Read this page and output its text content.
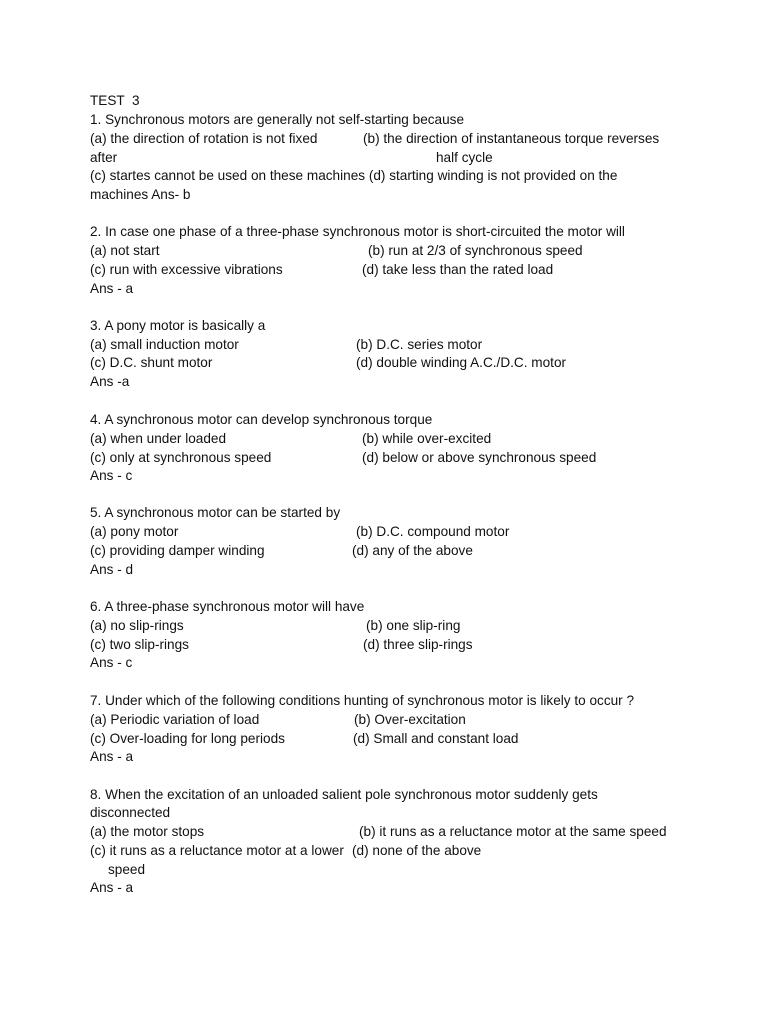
TEST  3
1. Synchronous motors are generally not self-starting because
(a) the direction of rotation is not fixed	(b) the direction of instantaneous torque reverses
after	half cycle
(c) startes cannot be used on these machines (d) starting winding is not provided on the
machines Ans- b
2. In case one phase of a three-phase synchronous motor is short-circuited the motor will
(a) not start	(b) run at 2/3 of synchronous speed
(c) run with excessive vibrations	(d) take less than the rated load
Ans - a
3. A pony motor is basically a
(a) small induction motor	(b) D.C. series motor
(c) D.C. shunt motor	(d) double winding A.C./D.C. motor
Ans -a
4. A synchronous motor can develop synchronous torque
(a) when under loaded	(b) while over-excited
(c) only at synchronous speed	(d) below or above synchronous speed
Ans - c
5. A synchronous motor can be started by
(a) pony motor	(b) D.C. compound motor
(c) providing damper winding	(d) any of the above
Ans - d
6. A three-phase synchronous motor will have
(a) no slip-rings	(b) one slip-ring
(c) two slip-rings	(d) three slip-rings
Ans - c
7. Under which of the following conditions hunting of synchronous motor is likely to occur ?
(a) Periodic variation of load	(b) Over-excitation
(c) Over-loading for long periods	(d) Small and constant load
Ans - a
8. When the excitation of an unloaded salient pole synchronous motor suddenly gets
disconnected
(a) the motor stops	(b) it runs as a reluctance motor at the same speed
(c) it runs as a reluctance motor at a lower (d) none of the above
speed
Ans - a
